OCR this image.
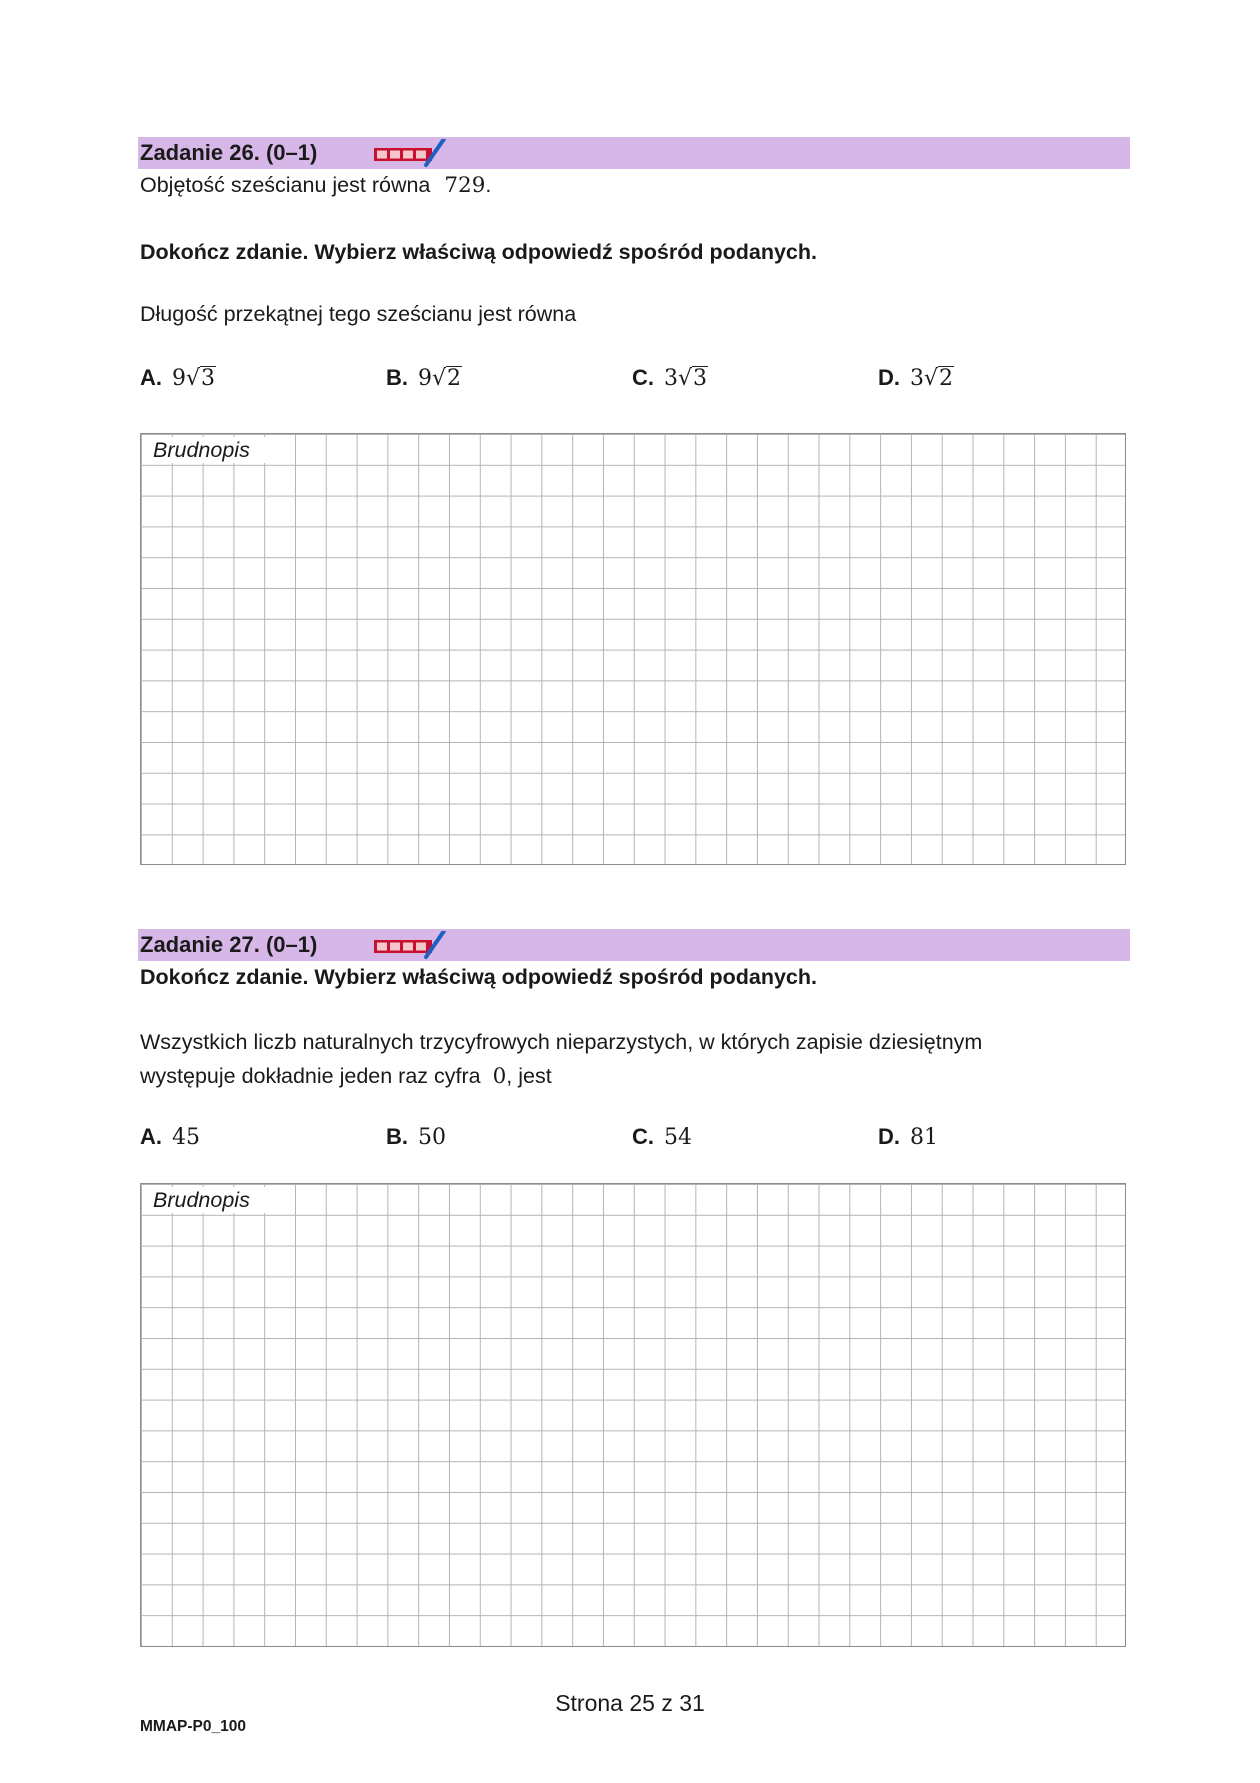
Zadanie 26. (0–1)
Objętość sześcianu jest równa 729.
Dokończ zdanie. Wybierz właściwą odpowiedź spośród podanych.
Długość przekątnej tego sześcianu jest równa
A. 9√ 3	B. 9√ 2	C. 3√ 3	D. 3√ 2
Brudnopis
Zadanie 27. (0–1)
Dokończ zdanie. Wybierz właściwą odpowiedź spośród podanych.
Wszystkich liczb naturalnych trzycyfrowych nieparzystych, w których zapisie dziesiętnym
występuje dokładnie jeden raz cyfra 0, jest
A. 45	B. 50	C. 54	D. 81
Brudnopis
Strona 25 z 31
MMAP-P0_100
